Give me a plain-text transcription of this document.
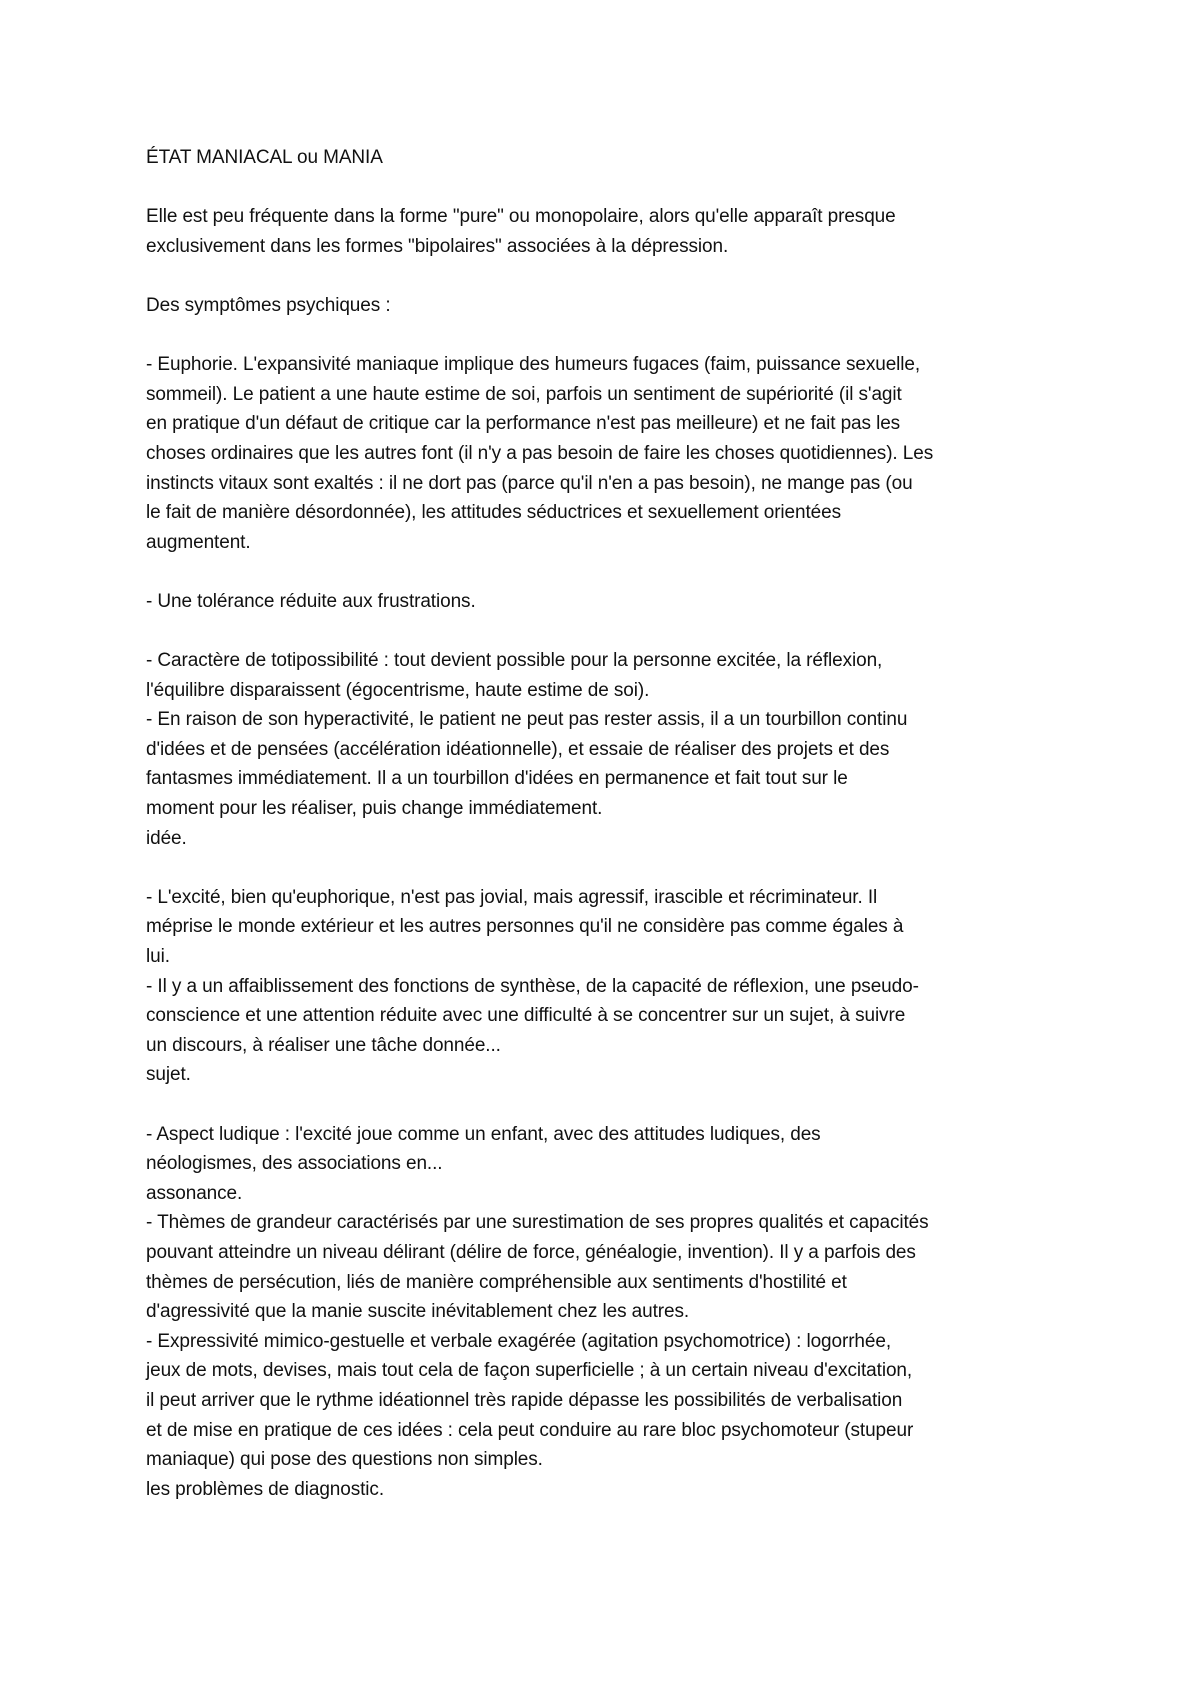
ÉTAT MANIACAL ou MANIA
Elle est peu fréquente dans la forme "pure" ou monopolaire, alors qu'elle apparaît presque
exclusivement dans les formes "bipolaires" associées à la dépression.
Des symptômes psychiques :
- Euphorie. L'expansivité maniaque implique des humeurs fugaces (faim, puissance sexuelle,
sommeil). Le patient a une haute estime de soi, parfois un sentiment de supériorité (il s'agit
en pratique d'un défaut de critique car la performance n'est pas meilleure) et ne fait pas les
choses ordinaires que les autres font (il n'y a pas besoin de faire les choses quotidiennes). Les
instincts vitaux sont exaltés : il ne dort pas (parce qu'il n'en a pas besoin), ne mange pas (ou
le fait de manière désordonnée), les attitudes séductrices et sexuellement orientées
augmentent.
- Une tolérance réduite aux frustrations.
- Caractère de totipossibilité : tout devient possible pour la personne excitée, la réflexion,
l'équilibre disparaissent (égocentrisme, haute estime de soi).
- En raison de son hyperactivité, le patient ne peut pas rester assis, il a un tourbillon continu
d'idées et de pensées (accélération idéationnelle), et essaie de réaliser des projets et des
fantasmes immédiatement. Il a un tourbillon d'idées en permanence et fait tout sur le
moment pour les réaliser, puis change immédiatement.
idée.
- L'excité, bien qu'euphorique, n'est pas jovial, mais agressif, irascible et récriminateur. Il
méprise le monde extérieur et les autres personnes qu'il ne considère pas comme égales à
lui.
- Il y a un affaiblissement des fonctions de synthèse, de la capacité de réflexion, une pseudo-
conscience et une attention réduite avec une difficulté à se concentrer sur un sujet, à suivre
un discours, à réaliser une tâche donnée...
sujet.
- Aspect ludique : l'excité joue comme un enfant, avec des attitudes ludiques, des
néologismes, des associations en...
assonance.
- Thèmes de grandeur caractérisés par une surestimation de ses propres qualités et capacités
pouvant atteindre un niveau délirant (délire de force, généalogie, invention). Il y a parfois des
thèmes de persécution, liés de manière compréhensible aux sentiments d'hostilité et
d'agressivité que la manie suscite inévitablement chez les autres.
- Expressivité mimico-gestuelle et verbale exagérée (agitation psychomotrice) : logorrhée,
jeux de mots, devises, mais tout cela de façon superficielle ; à un certain niveau d'excitation,
il peut arriver que le rythme idéationnel très rapide dépasse les possibilités de verbalisation
et de mise en pratique de ces idées : cela peut conduire au rare bloc psychomoteur (stupeur
maniaque) qui pose des questions non simples.
les problèmes de diagnostic.
